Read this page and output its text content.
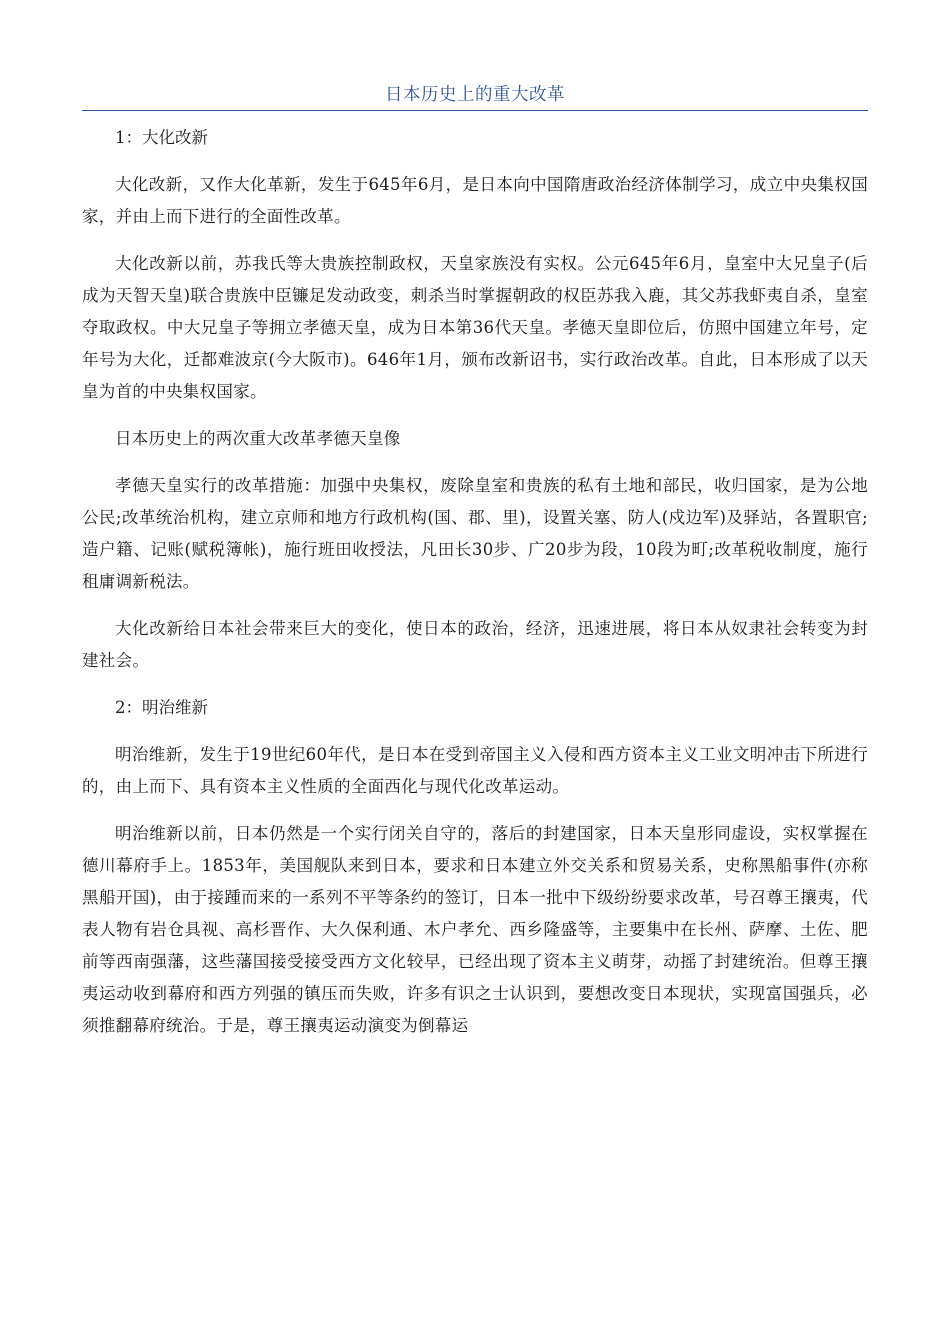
日本历史上的重大改革
1：大化改新

大化改新，又作大化革新，发生于645年6月，是日本向中国隋唐政治经济体制学习，成立中央集权国家，并由上而下进行的全面性改革。

大化改新以前，苏我氏等大贵族控制政权，天皇家族没有实权。公元645年6月，皇室中大兄皇子(后成为天智天皇)联合贵族中臣镰足发动政变，刺杀当时掌握朝政的权臣苏我入鹿，其父苏我虾夷自杀，皇室夺取政权。中大兄皇子等拥立孝德天皇，成为日本第36代天皇。孝德天皇即位后，仿照中国建立年号，定年号为大化，迁都难波京(今大阪市)。646年1月，颁布改新诏书，实行政治改革。自此，日本形成了以天皇为首的中央集权国家。

日本历史上的两次重大改革孝德天皇像

孝德天皇实行的改革措施：加强中央集权，废除皇室和贵族的私有土地和部民，收归国家，是为公地公民;改革统治机构，建立京师和地方行政机构(国、郡、里)，设置关塞、防人(戍边军)及驿站，各置职官;造户籍、记账(赋税簿帐)，施行班田收授法，凡田长30步、广20步为段，10段为町;改革税收制度，施行租庸调新税法。

大化改新给日本社会带来巨大的变化，使日本的政治，经济，迅速进展，将日本从奴隶社会转变为封建社会。

2：明治维新

明治维新，发生于19世纪60年代，是日本在受到帝国主义入侵和西方资本主义工业文明冲击下所进行的，由上而下、具有资本主义性质的全面西化与现代化改革运动。

明治维新以前，日本仍然是一个实行闭关自守的，落后的封建国家，日本天皇形同虚设，实权掌握在德川幕府手上。1853年，美国舰队来到日本，要求和日本建立外交关系和贸易关系，史称黑船事件(亦称黑船开国)，由于接踵而来的一系列不平等条约的签订，日本一批中下级纷纷要求改革，号召尊王攘夷，代表人物有岩仓具视、高杉晋作、大久保利通、木户孝允、西乡隆盛等，主要集中在长州、萨摩、土佐、肥前等西南强藩，这些藩国接受接受西方文化较早，已经出现了资本主义萌芽，动摇了封建统治。但尊王攘夷运动收到幕府和西方列强的镇压而失败，许多有识之士认识到，要想改变日本现状，实现富国强兵，必须推翻幕府统治。于是，尊王攘夷运动演变为倒幕运
